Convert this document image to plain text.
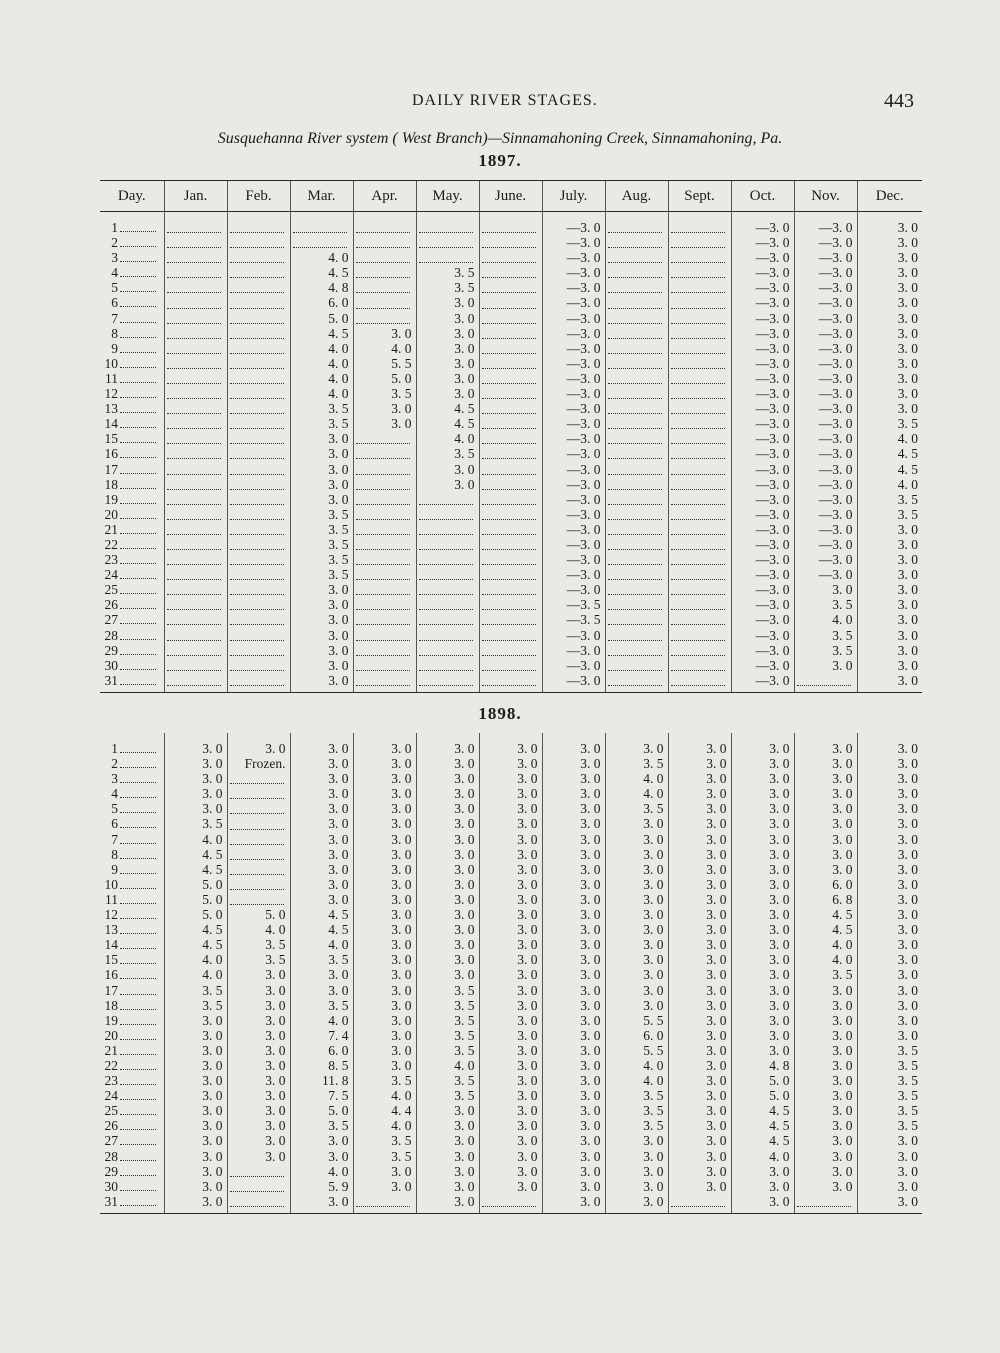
DAILY RIVER STAGES.	443
Susquehanna River system ( West Branch)—Sinnamahoning Creek, Sinnamahoning, Pa.
1897.
Day.	Jan.	Feb.	Mar.	Apr.	May.	June.	July.	Aug.	Sept.	Oct.	Nov.	Dec.
1							—3. 0			—3. 0	—3. 0	3. 0
2							—3. 0			—3. 0	—3. 0	3. 0
3			4. 0				—3. 0			—3. 0	—3. 0	3. 0
4			4. 5		3. 5		—3. 0			—3. 0	—3. 0	3. 0
5			4. 8		3. 5		—3. 0			—3. 0	—3. 0	3. 0
6			6. 0		3. 0		—3. 0			—3. 0	—3. 0	3. 0
7			5. 0		3. 0		—3. 0			—3. 0	—3. 0	3. 0
8			4. 5	3. 0	3. 0		—3. 0			—3. 0	—3. 0	3. 0
9			4. 0	4. 0	3. 0		—3. 0			—3. 0	—3. 0	3. 0
10			4. 0	5. 5	3. 0		—3. 0			—3. 0	—3. 0	3. 0
11			4. 0	5. 0	3. 0		—3. 0			—3. 0	—3. 0	3. 0
12			4. 0	3. 5	3. 0		—3. 0			—3. 0	—3. 0	3. 0
13			3. 5	3. 0	4. 5		—3. 0			—3. 0	—3. 0	3. 0
14			3. 5	3. 0	4. 5		—3. 0			—3. 0	—3. 0	3. 5
15			3. 0		4. 0		—3. 0			—3. 0	—3. 0	4. 0
16			3. 0		3. 5		—3. 0			—3. 0	—3. 0	4. 5
17			3. 0		3. 0		—3. 0			—3. 0	—3. 0	4. 5
18			3. 0		3. 0		—3. 0			—3. 0	—3. 0	4. 0
19			3. 0				—3. 0			—3. 0	—3. 0	3. 5
20			3. 5				—3. 0			—3. 0	—3. 0	3. 5
21			3. 5				—3. 0			—3. 0	—3. 0	3. 0
22			3. 5				—3. 0			—3. 0	—3. 0	3. 0
23			3. 5				—3. 0			—3. 0	—3. 0	3. 0
24			3. 5				—3. 0			—3. 0	—3. 0	3. 0
25			3. 0				—3. 0			—3. 0	3. 0	3. 0
26			3. 0				—3. 5			—3. 0	3. 5	3. 0
27			3. 0				—3. 5			—3. 0	4. 0	3. 0
28			3. 0				—3. 0			—3. 0	3. 5	3. 0
29			3. 0				—3. 0			—3. 0	3. 5	3. 0
30			3. 0				—3. 0			—3. 0	3. 0	3. 0
31			3. 0				—3. 0			—3. 0		3. 0
1898.
1	3. 0	3. 0	3. 0	3. 0	3. 0	3. 0	3. 0	3. 0	3. 0	3. 0	3. 0	3. 0
2	3. 0	Frozen.	3. 0	3. 0	3. 0	3. 0	3. 0	3. 5	3. 0	3. 0	3. 0	3. 0
3	3. 0		3. 0	3. 0	3. 0	3. 0	3. 0	4. 0	3. 0	3. 0	3. 0	3. 0
4	3. 0		3. 0	3. 0	3. 0	3. 0	3. 0	4. 0	3. 0	3. 0	3. 0	3. 0
5	3. 0		3. 0	3. 0	3. 0	3. 0	3. 0	3. 5	3. 0	3. 0	3. 0	3. 0
6	3. 5		3. 0	3. 0	3. 0	3. 0	3. 0	3. 0	3. 0	3. 0	3. 0	3. 0
7	4. 0		3. 0	3. 0	3. 0	3. 0	3. 0	3. 0	3. 0	3. 0	3. 0	3. 0
8	4. 5		3. 0	3. 0	3. 0	3. 0	3. 0	3. 0	3. 0	3. 0	3. 0	3. 0
9	4. 5		3. 0	3. 0	3. 0	3. 0	3. 0	3. 0	3. 0	3. 0	3. 0	3. 0
10	5. 0		3. 0	3. 0	3. 0	3. 0	3. 0	3. 0	3. 0	3. 0	6. 0	3. 0
11	5. 0		3. 0	3. 0	3. 0	3. 0	3. 0	3. 0	3. 0	3. 0	6. 8	3. 0
12	5. 0	5. 0	4. 5	3. 0	3. 0	3. 0	3. 0	3. 0	3. 0	3. 0	4. 5	3. 0
13	4. 5	4. 0	4. 5	3. 0	3. 0	3. 0	3. 0	3. 0	3. 0	3. 0	4. 5	3. 0
14	4. 5	3. 5	4. 0	3. 0	3. 0	3. 0	3. 0	3. 0	3. 0	3. 0	4. 0	3. 0
15	4. 0	3. 5	3. 5	3. 0	3. 0	3. 0	3. 0	3. 0	3. 0	3. 0	4. 0	3. 0
16	4. 0	3. 0	3. 0	3. 0	3. 0	3. 0	3. 0	3. 0	3. 0	3. 0	3. 5	3. 0
17	3. 5	3. 0	3. 0	3. 0	3. 5	3. 0	3. 0	3. 0	3. 0	3. 0	3. 0	3. 0
18	3. 5	3. 0	3. 5	3. 0	3. 5	3. 0	3. 0	3. 0	3. 0	3. 0	3. 0	3. 0
19	3. 0	3. 0	4. 0	3. 0	3. 5	3. 0	3. 0	5. 5	3. 0	3. 0	3. 0	3. 0
20	3. 0	3. 0	7. 4	3. 0	3. 5	3. 0	3. 0	6. 0	3. 0	3. 0	3. 0	3. 0
21	3. 0	3. 0	6. 0	3. 0	3. 5	3. 0	3. 0	5. 5	3. 0	3. 0	3. 0	3. 5
22	3. 0	3. 0	8. 5	3. 0	4. 0	3. 0	3. 0	4. 0	3. 0	4. 8	3. 0	3. 5
23	3. 0	3. 0	11. 8	3. 5	3. 5	3. 0	3. 0	4. 0	3. 0	5. 0	3. 0	3. 5
24	3. 0	3. 0	7. 5	4. 0	3. 5	3. 0	3. 0	3. 5	3. 0	5. 0	3. 0	3. 5
25	3. 0	3. 0	5. 0	4. 4	3. 0	3. 0	3. 0	3. 5	3. 0	4. 5	3. 0	3. 5
26	3. 0	3. 0	3. 5	4. 0	3. 0	3. 0	3. 0	3. 5	3. 0	4. 5	3. 0	3. 5
27	3. 0	3. 0	3. 0	3. 5	3. 0	3. 0	3. 0	3. 0	3. 0	4. 5	3. 0	3. 0
28	3. 0	3. 0	3. 0	3. 5	3. 0	3. 0	3. 0	3. 0	3. 0	4. 0	3. 0	3. 0
29	3. 0		4. 0	3. 0	3. 0	3. 0	3. 0	3. 0	3. 0	3. 0	3. 0	3. 0
30	3. 0		5. 9	3. 0	3. 0	3. 0	3. 0	3. 0	3. 0	3. 0	3. 0	3. 0
31	3. 0		3. 0		3. 0		3. 0	3. 0		3. 0		3. 0
